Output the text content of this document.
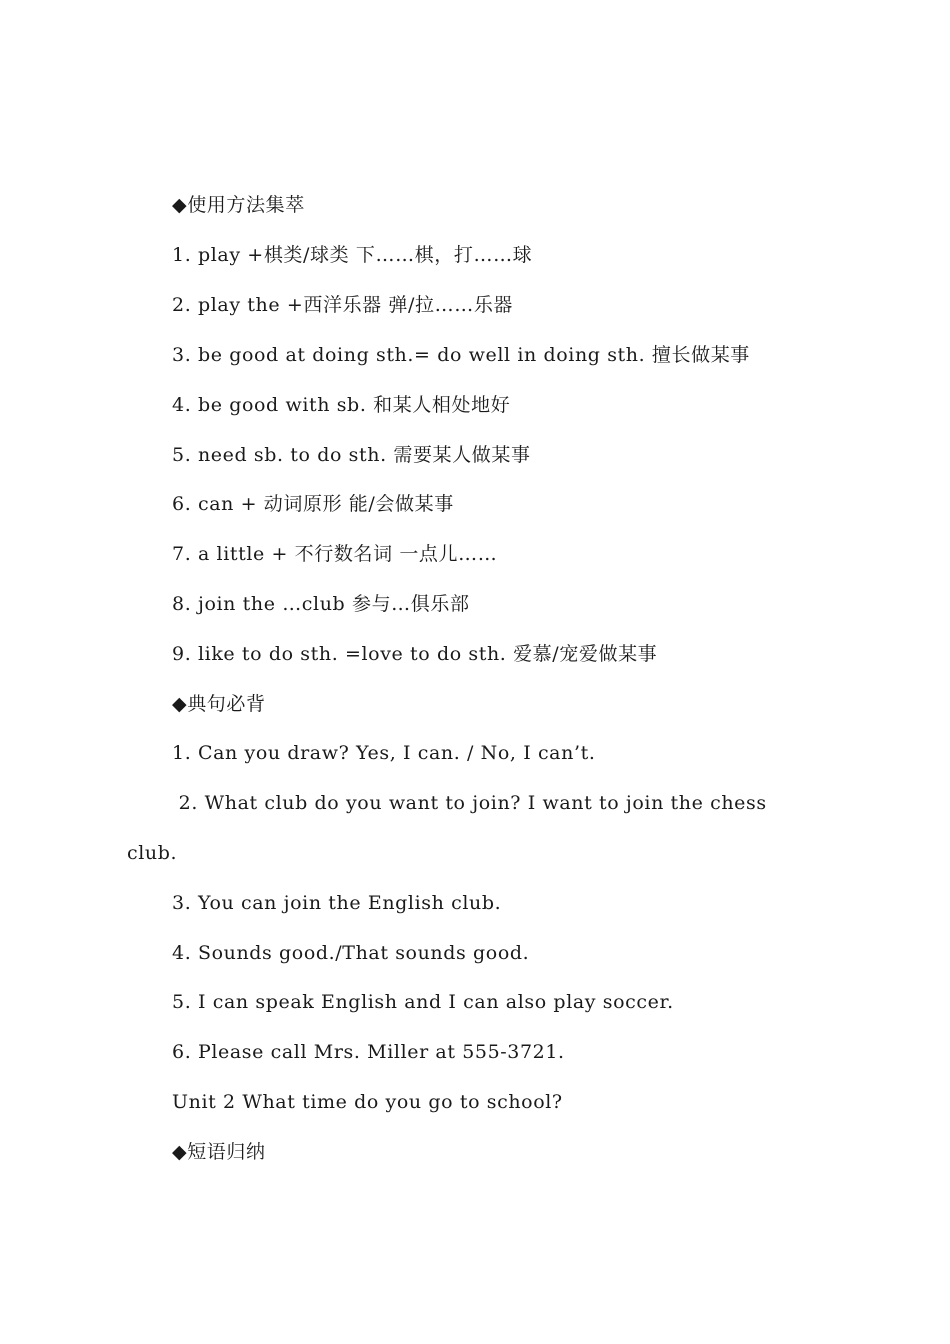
◆使用方法集萃
1. play +棋类/球类 下……棋，打……球
2. play the +西洋乐器 弹/拉……乐器
3. be good at doing sth.= do well in doing sth. 擅长做某事
4. be good with sb. 和某人相处地好
5. need sb. to do sth. 需要某人做某事
6. can + 动词原形 能/会做某事
7. a little + 不行数名词 一点儿……
8. join the …club 参与…俱乐部
9. like to do sth. =love to do sth. 爱慕/宠爱做某事
◆典句必背
1. Can you draw? Yes, I can. / No, I can’t.
2. What club do you want to join? I want to join the chess
club.
3. You can join the English club.
4. Sounds good./That sounds good.
5. I can speak English and I can also play soccer.
6. Please call Mrs. Miller at 555-3721.
Unit 2 What time do you go to school?
◆短语归纳
